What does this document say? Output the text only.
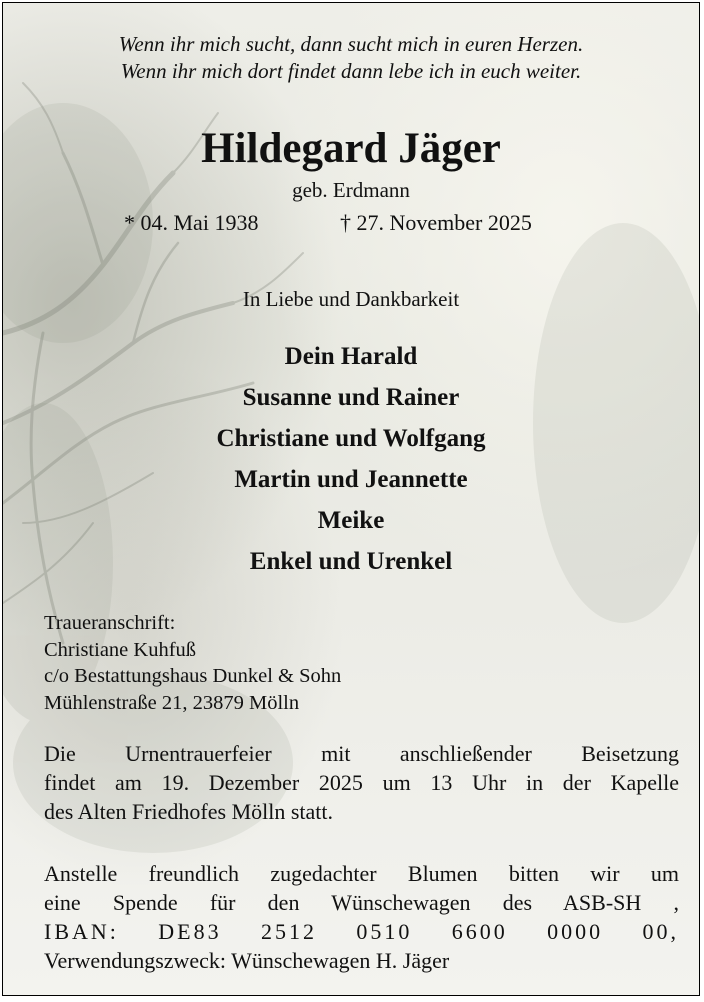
Wenn ihr mich sucht, dann sucht mich in euren Herzen.
Wenn ihr mich dort findet dann lebe ich in euch weiter.
Hildegard Jäger
geb. Erdmann
* 04. Mai 1938	† 27. November 2025
In Liebe und Dankbarkeit
Dein Harald
Susanne und Rainer
Christiane und Wolfgang
Martin und Jeannette
Meike
Enkel und Urenkel
Traueranschrift:
Christiane Kuhfuß
c/o Bestattungshaus Dunkel & Sohn
Mühlenstraße 21, 23879 Mölln
Die Urnentrauerfeier mit anschließender Beisetzung
findet am 19. Dezember 2025 um 13 Uhr in der Kapelle
des Alten Friedhofes Mölln statt.
Anstelle freundlich zugedachter Blumen bitten wir um
eine Spende für den Wünschewagen des ASB-SH ,
IBAN: DE83 2512 0510 6600 0000 00,
Verwendungszweck: Wünschewagen H. Jäger
